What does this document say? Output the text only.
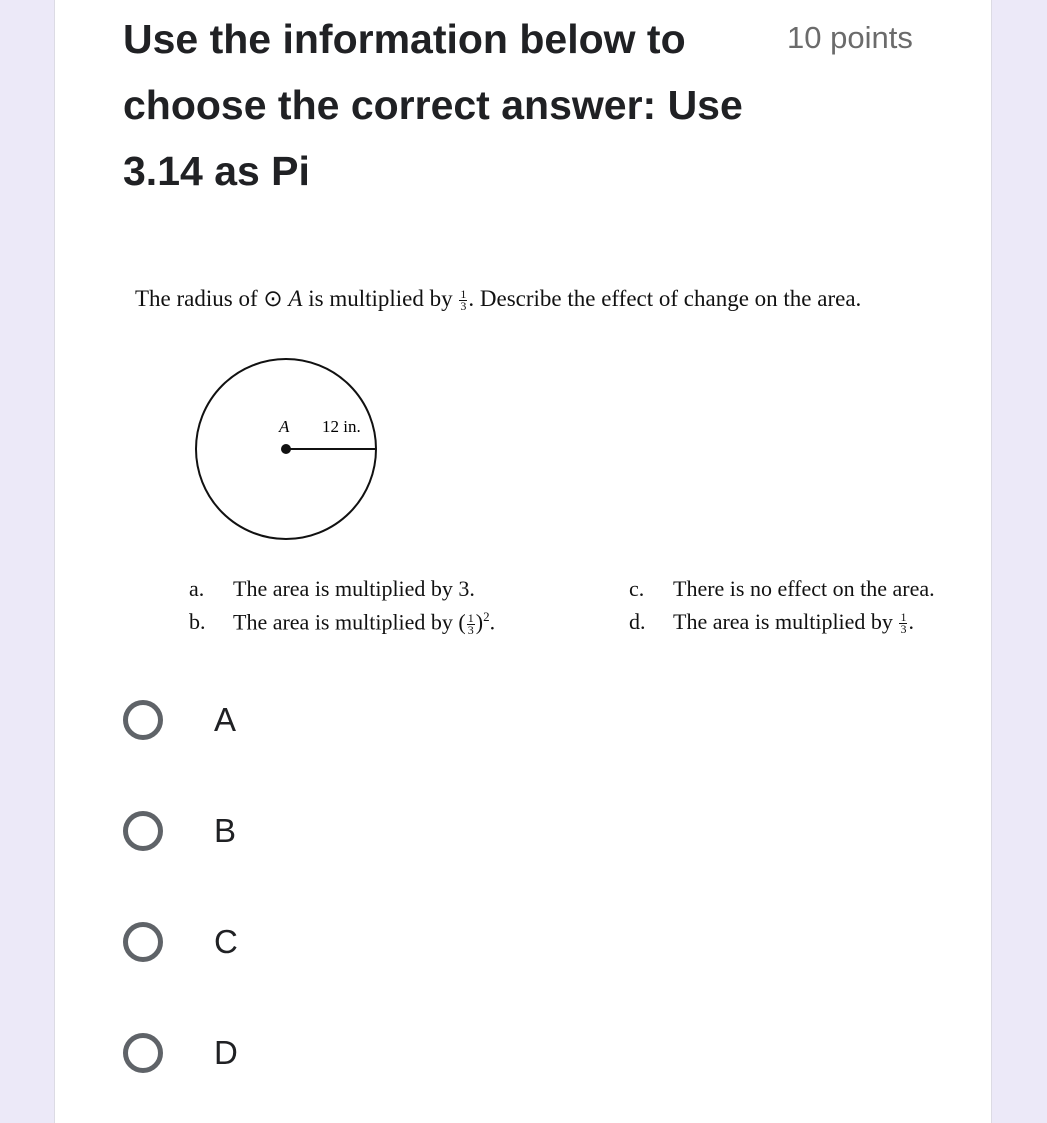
Use the information below to choose the correct answer: Use 3.14 as Pi
10 points
The radius of ⊙ A is multiplied by $\frac{1}{3}$ . Describe the effect of change on the area.
A 12 in.
a. The area is multiplied by 3.
b. The area is multiplied by ( $\frac{1}{3} )^2$.
c. There is no effect on the area.
d. The area is multiplied by $\frac{1}{3}$ .
A
B
C
D
